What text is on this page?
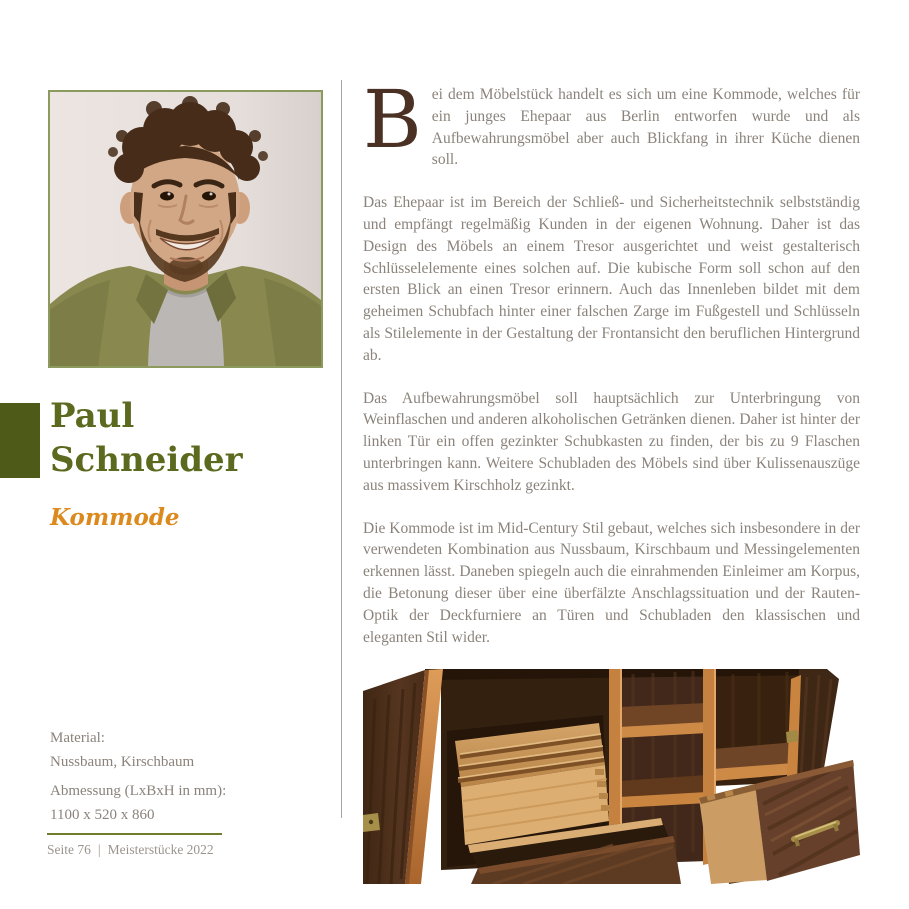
Paul
Schneider
Kommode
Material:
Nussbaum, Kirschbaum
Abmessung (LxBxH in mm):
1100 x 520 x 860
Seite 76 | Meisterstücke 2022

Bei dem Möbelstück handelt es sich um eine Kommode, welches für ein junges Ehepaar aus Berlin entworfen wurde und als Aufbewahrungsmöbel aber auch Blickfang in ihrer Küche dienen soll.

Das Ehepaar ist im Bereich der Schließ- und Sicherheitstechnik selbstständig und empfängt regelmäßig Kunden in der eigenen Wohnung. Daher ist das Design des Möbels an einem Tresor ausgerichtet und weist gestalterisch Schlüsselelemente eines solchen auf. Die kubische Form soll schon auf den ersten Blick an einen Tresor erinnern. Auch das Innenleben bildet mit dem geheimen Schubfach hinter einer falschen Zarge im Fußgestell und Schlüsseln als Stilelemente in der Gestaltung der Frontansicht den beruflichen Hintergrund ab.

Das Aufbewahrungsmöbel soll hauptsächlich zur Unterbringung von Weinflaschen und anderen alkoholischen Getränken dienen. Daher ist hinter der linken Tür ein offen gezinkter Schubkasten zu finden, der bis zu 9 Flaschen unterbringen kann. Weitere Schubladen des Möbels sind über Kulissenauszüge aus massivem Kirschholz gezinkt.

Die Kommode ist im Mid-Century Stil gebaut, welches sich insbesondere in der verwendeten Kombination aus Nussbaum, Kirschbaum und Messingelementen erkennen lässt. Daneben spiegeln auch die einrahmenden Einleimer am Korpus, die Betonung dieser über eine überfälzte Anschlagssituation und der Rauten-Optik der Deckfurniere an Türen und Schubladen den klassischen und eleganten Stil wider.
